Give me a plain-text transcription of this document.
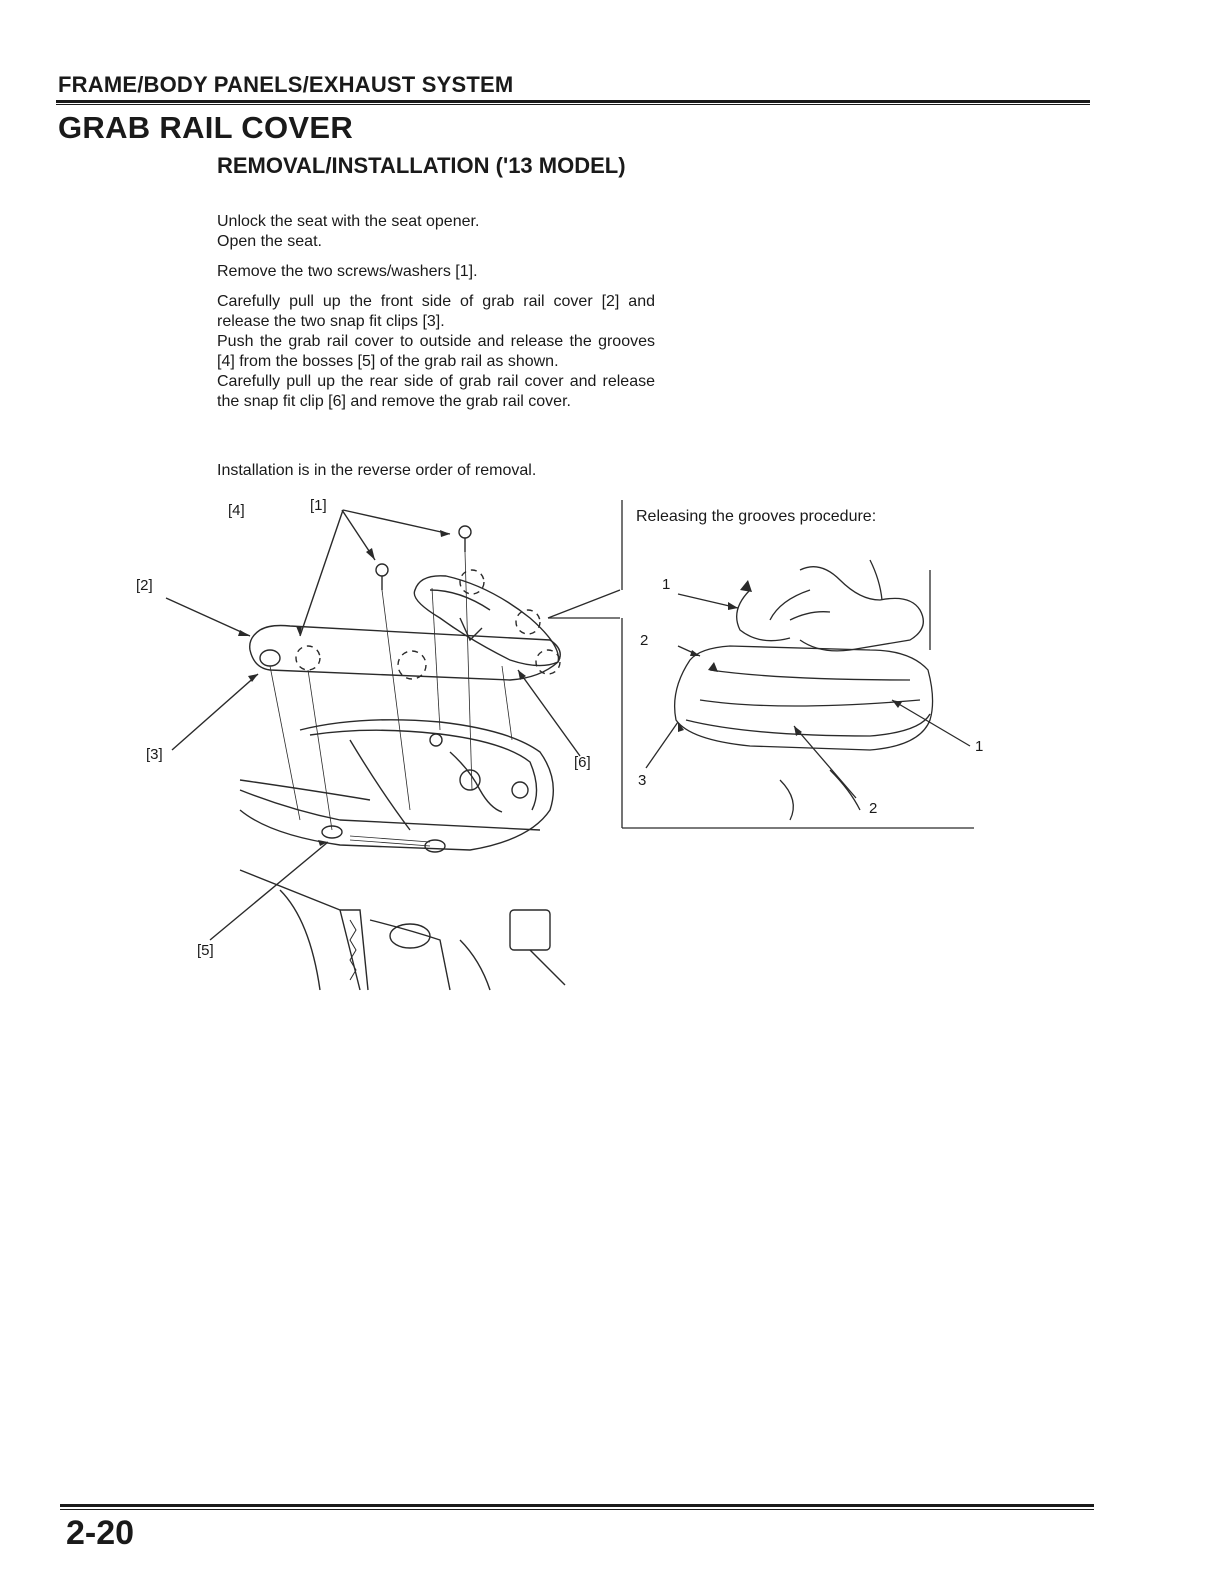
FRAME/BODY PANELS/EXHAUST SYSTEM
GRAB RAIL COVER
REMOVAL/INSTALLATION ('13 MODEL)

Unlock the seat with the seat opener.

Open the seat.

Remove the two screws/washers [1].

Carefully pull up the front side of grab rail cover [2] and release the two snap fit clips [3].

Push the grab rail cover to outside and release the grooves [4] from the bosses [5] of the grab rail as shown.

Carefully pull up the rear side of grab rail cover and release the snap fit clip [6] and remove the grab rail cover.

Installation is in the reverse order of removal.

[4]	[1]
[2]
[3]	[6]
[5]
Releasing the grooves procedure:
1
2
3
1
2
2-20
